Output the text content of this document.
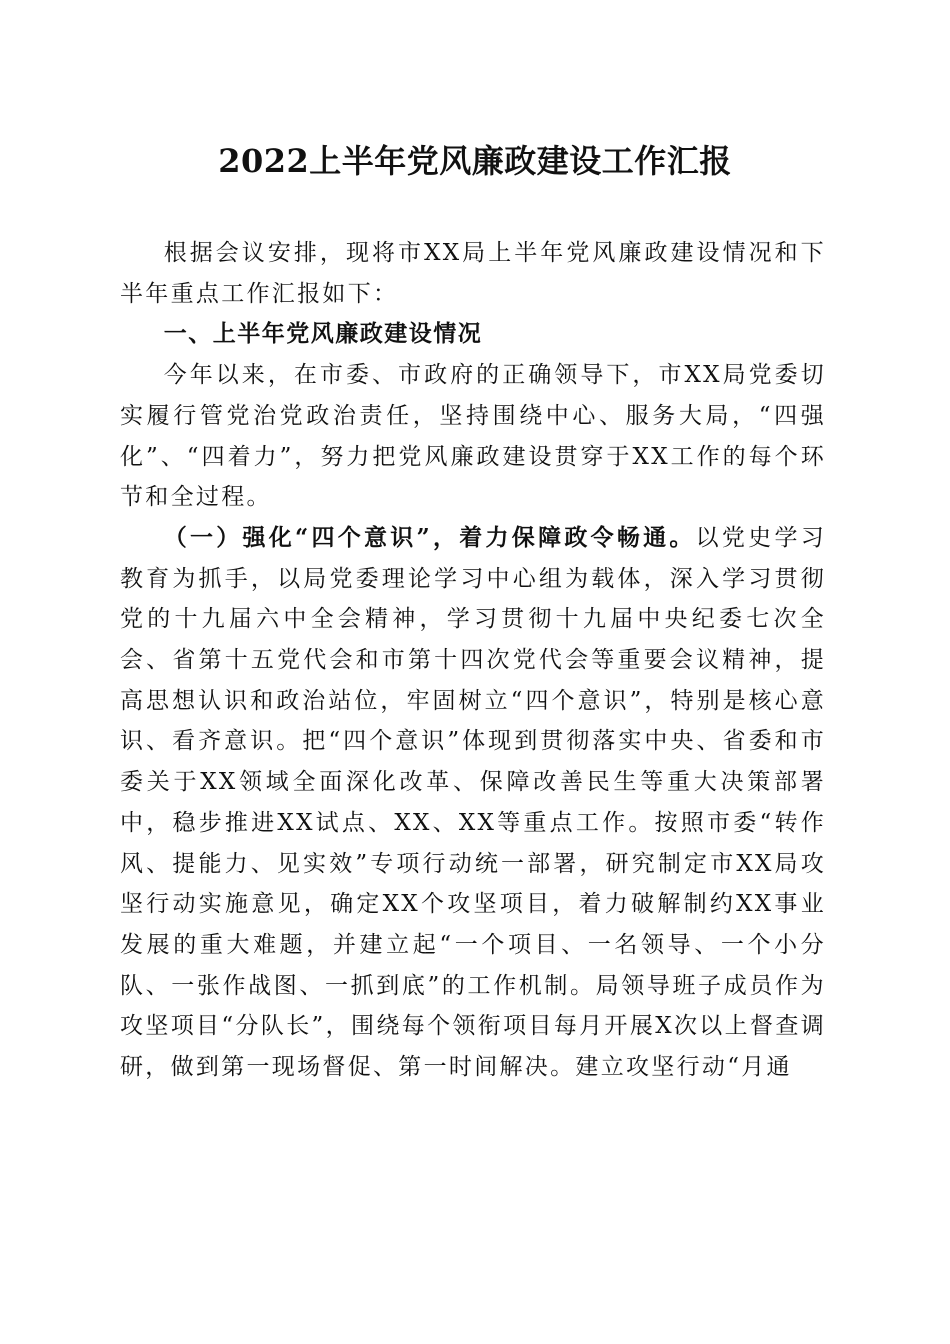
2022上半年党风廉政建设工作汇报

根据会议安排，现将市XX局上半年党风廉政建设情况和下半年重点工作汇报如下：

一、上半年党风廉政建设情况

今年以来，在市委、市政府的正确领导下，市XX局党委切实履行管党治党政治责任，坚持围绕中心、服务大局，“四强化”、“四着力”，努力把党风廉政建设贯穿于XX工作的每个环节和全过程。

（一）强化“四个意识”，着力保障政令畅通。以党史学习教育为抓手，以局党委理论学习中心组为载体，深入学习贯彻党的十九届六中全会精神，学习贯彻十九届中央纪委七次全会、省第十五党代会和市第十四次党代会等重要会议精神，提高思想认识和政治站位，牢固树立“四个意识”，特别是核心意识、看齐意识。把“四个意识”体现到贯彻落实中央、省委和市委关于XX领域全面深化改革、保障改善民生等重大决策部署中，稳步推进XX试点、XX、XX等重点工作。按照市委“转作风、提能力、见实效”专项行动统一部署，研究制定市XX局攻坚行动实施意见，确定XX个攻坚项目，着力破解制约XX事业发展的重大难题，并建立起“一个项目、一名领导、一个小分队、一张作战图、一抓到底”的工作机制。局领导班子成员作为攻坚项目“分队长”，围绕每个领衔项目每月开展X次以上督查调研，做到第一现场督促、第一时间解决。建立攻坚行动“月通
